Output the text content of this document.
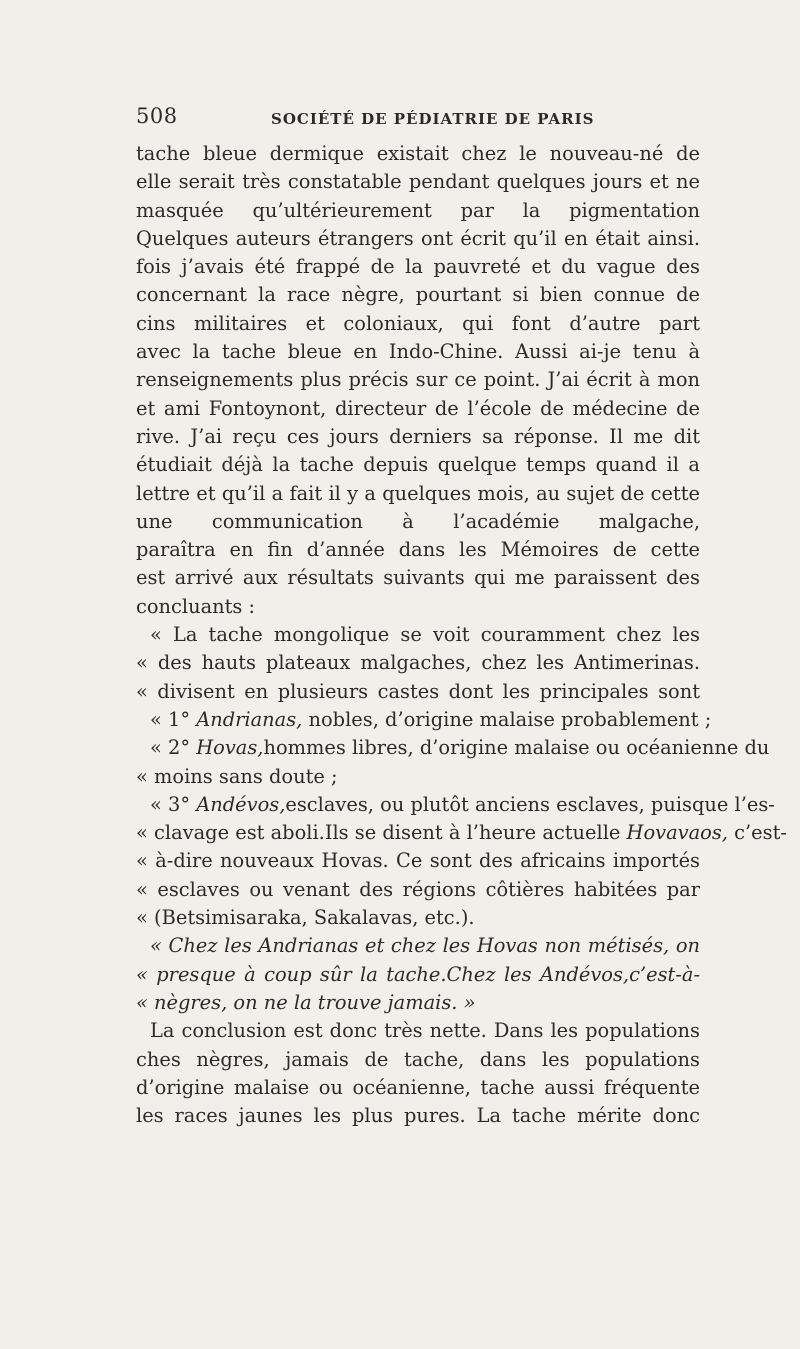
508	SOCIÉTÉ DE PÉDIATRIE DE PARIS
tache bleue dermique existait chez le nouveau-né de
elle serait très constatable pendant quelques jours et ne
masquée qu’ultérieurement par la pigmentation
Quelques auteurs étrangers ont écrit qu’il en était ainsi.
fois j’avais été frappé de la pauvreté et du vague des
concernant la race nègre, pourtant si bien connue de
cins militaires et coloniaux, qui font d’autre part
avec la tache bleue en Indo-Chine. Aussi ai-je tenu à
renseignements plus précis sur ce point. J’ai écrit à mon
et ami Fontoynont, directeur de l’école de médecine de
rive. J’ai reçu ces jours derniers sa réponse. Il me dit
étudiait déjà la tache depuis quelque temps quand il a
lettre et qu’il a fait il y a quelques mois, au sujet de cette
une communication à l’académie malgache,
paraîtra en fin d’année dans les Mémoires de cette
est arrivé aux résultats suivants qui me paraissent des
concluants :
« La tache mongolique se voit couramment chez les
« des hauts plateaux malgaches, chez les Antimerinas.
« divisent en plusieurs castes dont les principales sont
« 1° Andrianas, nobles, d’origine malaise probablement ;
« 2° Hovas,hommes libres, d’origine malaise ou océanienne du
« moins sans doute ;
« 3° Andévos,esclaves, ou plutôt anciens esclaves, puisque l’es-
« clavage est aboli.Ils se disent à l’heure actuelle Hovavaos, c’est-
« à-dire nouveaux Hovas. Ce sont des africains importés
« esclaves ou venant des régions côtières habitées par
« (Betsimisaraka, Sakalavas, etc.).
« Chez les Andrianas et chez les Hovas non métisés, on
« presque à coup sûr la tache.Chez les Andévos,c’est-à-
« nègres, on ne la trouve jamais. »
La conclusion est donc très nette. Dans les populations
ches nègres, jamais de tache, dans les populations
d’origine malaise ou océanienne, tache aussi fréquente
les races jaunes les plus pures. La tache mérite donc
